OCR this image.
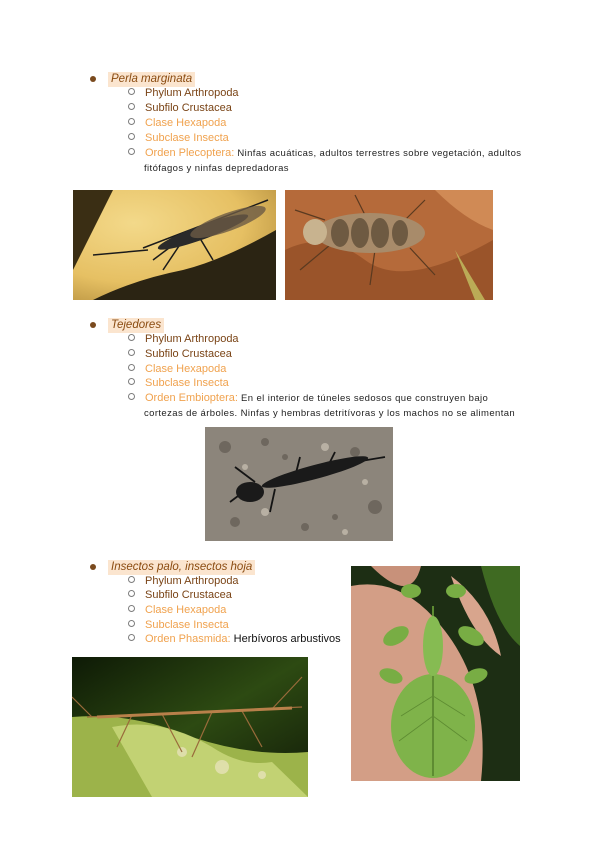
Perla marginata
Phylum Arthropoda
Subfilo Crustacea
Clase Hexapoda
Subclase Insecta
Orden Plecoptera: Ninfas acuáticas, adultos terrestres sobre vegetación, adultos
fitófagos y ninfas depredadoras
Tejedores
Phylum Arthropoda
Subfilo Crustacea
Clase Hexapoda
Subclase Insecta
Orden Embioptera: En el interior de túneles sedosos que construyen bajo
cortezas de árboles. Ninfas y hembras detritívoras y los machos no se alimentan
Insectos palo, insectos hoja
Phylum Arthropoda
Subfilo Crustacea
Clase Hexapoda
Subclase Insecta
Orden Phasmida: Herbívoros arbustivos
